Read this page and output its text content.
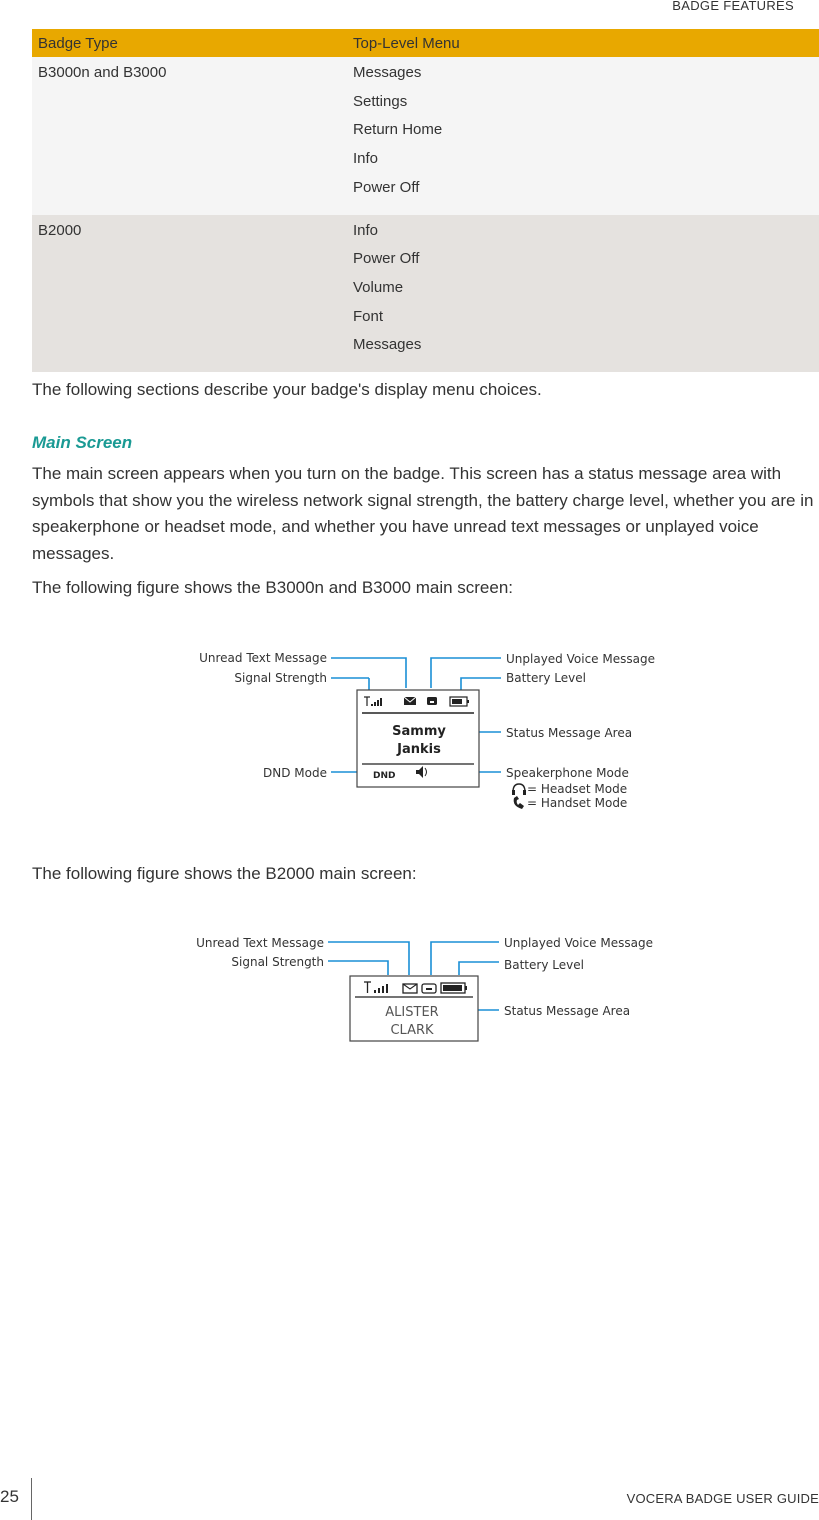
BADGE FEATURES
Badge Type	Top-Level Menu

B3000n and B3000	Messages
Settings
Return Home
Info
Power Off

B2000	Info
Power Off
Volume
Font
Messages
The following sections describe your badge's display menu choices.
Main Screen
The main screen appears when you turn on the badge. This screen has a status message area with symbols that show you the wireless network signal strength, the battery charge level, whether you are in speakerphone or headset mode, and whether you have unread text messages or unplayed voice messages.
The following figure shows the B3000n and B3000 main screen:
Sammy
Jankis
DND
Unread Text Message
Signal Strength
DND Mode
Unplayed Voice Message
Battery Level
Status Message Area
Speakerphone Mode
= Headset Mode
= Handset Mode
The following figure shows the B2000 main screen:
ALISTER
CLARK
Unread Text Message
Signal Strength
Unplayed Voice Message
Battery Level
Status Message Area
25	VOCERA BADGE USER GUIDE
